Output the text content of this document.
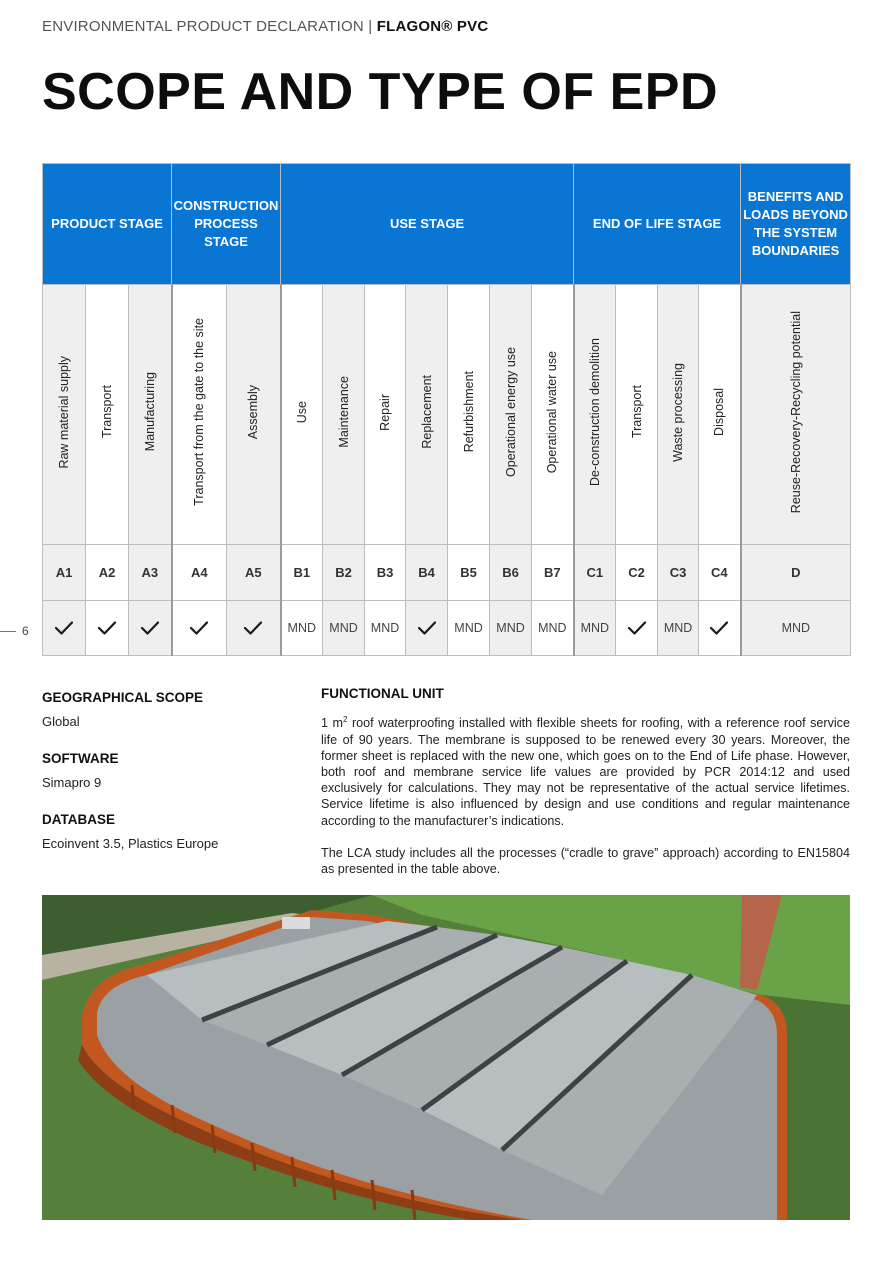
ENVIRONMENTAL PRODUCT DECLARATION | FLAGON® PVC
SCOPE AND TYPE OF EPD
6
PRODUCT STAGE			CONSTRUCTION PROCESS STAGE		USE STAGE							END OF LIFE STAGE				BENEFITS AND LOADS BEYOND THE SYSTEM BOUNDARIES
Raw material supply	Transport	Manufacturing	Transport from the gate to the site	Assembly	Use	Maintenance	Repair	Replacement	Refurbishment	Operational energy use	Operational water use	De-construction demolition	Transport	Waste processing	Disposal	Reuse-Recovery-Recycling potential
A1	A2	A3	A4	A5	B1	B2	B3	B4	B5	B6	B7	C1	C2	C3	C4	D
					MND	MND	MND		MND	MND	MND	MND		MND		MND

GEOGRAPHICAL SCOPE

Global

SOFTWARE

Simapro 9

DATABASE

Ecoinvent 3.5, Plastics Europe

FUNCTIONAL UNIT

1 $m^2$ roof waterproofing installed with flexible sheets for roofing, with a reference roof service life of 90 years. The membrane is supposed to be renewed every 30 years. Moreover, the former sheet is replaced with the new one, which goes on to the End of Life phase. However, both roof and membrane service life values are provided by PCR 2014:12 and used exclusively for calculations. They may not be representative of the actual service lifetimes. Service lifetime is also influenced by design and use conditions and regular maintenance according to the manufacturer’s indications.

The LCA study includes all the processes (“cradle to grave” approach) according to EN15804 as presented in the table above.
